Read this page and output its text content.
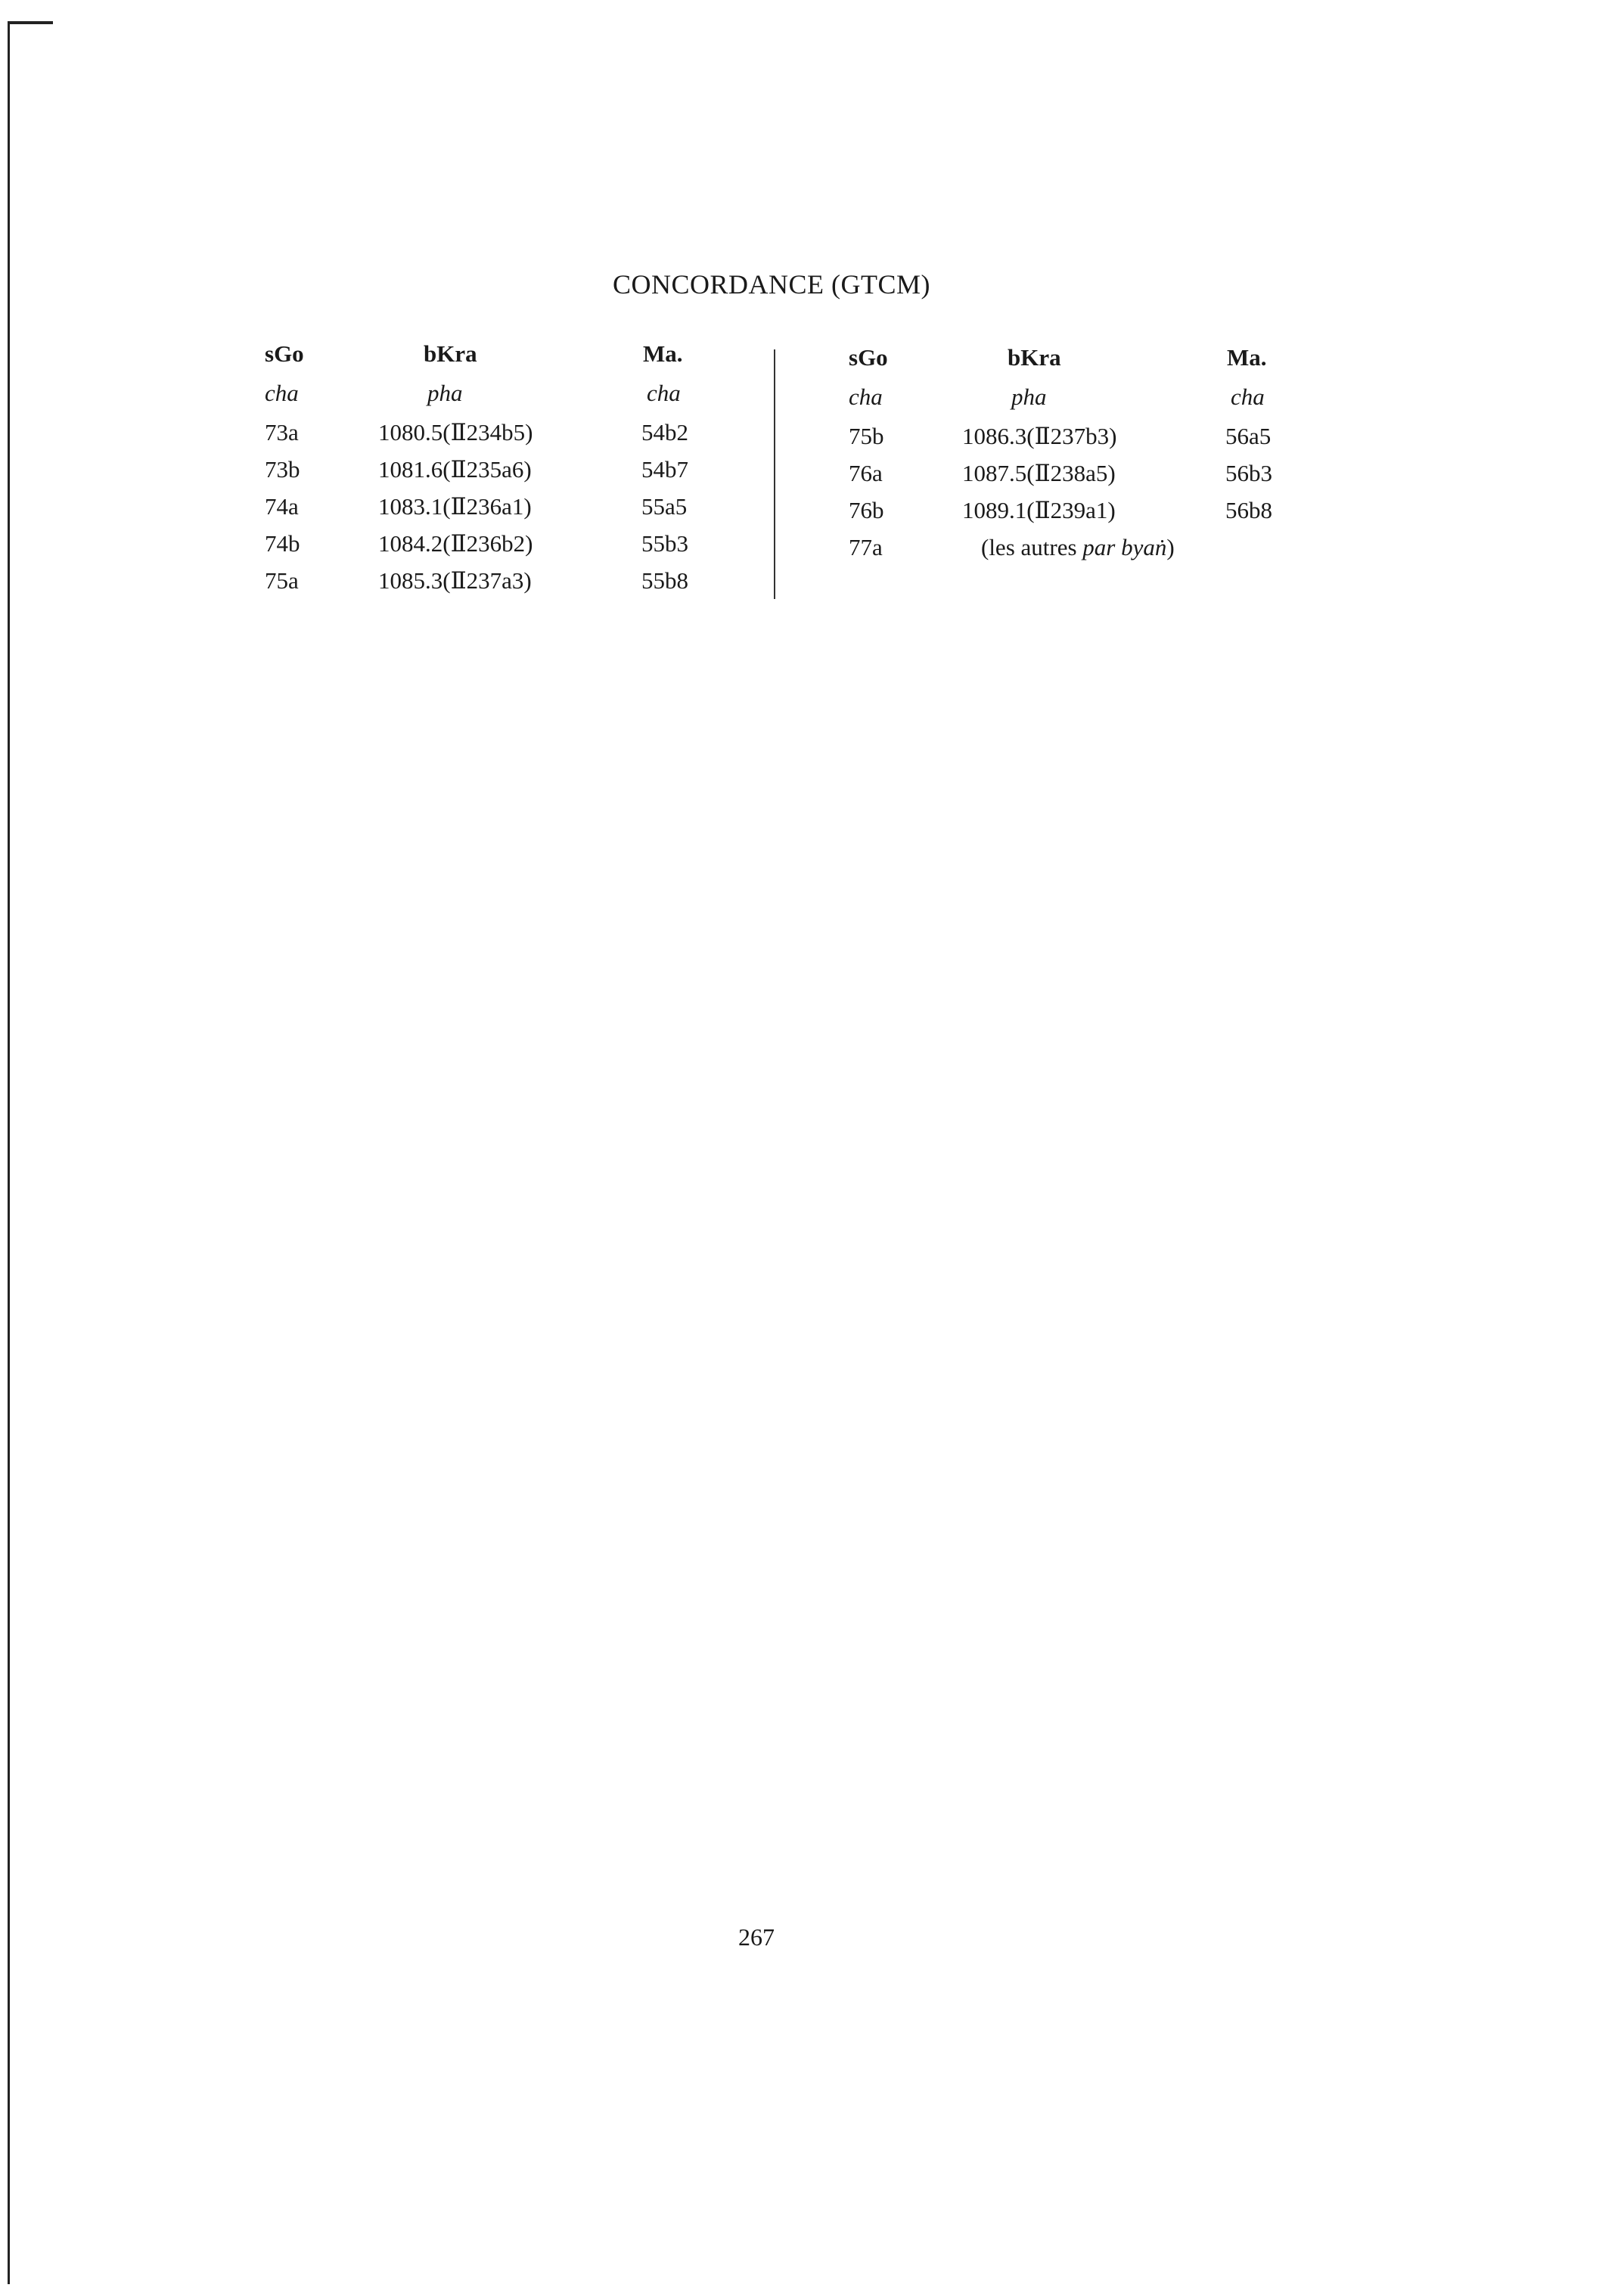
CONCORDANCE (GTCM)
sGo	bKra	Ma.
cha	pha	cha
73a	1080.5(Ⅱ234b5)	54b2
73b	1081.6(Ⅱ235a6)	54b7
74a	1083.1(Ⅱ236a1)	55a5
74b	1084.2(Ⅱ236b2)	55b3
75a	1085.3(Ⅱ237a3)	55b8
sGo	bKra	Ma.
cha	pha	cha
75b	1086.3(Ⅱ237b3)	56a5
76a	1087.5(Ⅱ238a5)	56b3
76b	1089.1(Ⅱ239a1)	56b8
77a	(les autres par byaṅ)
267
